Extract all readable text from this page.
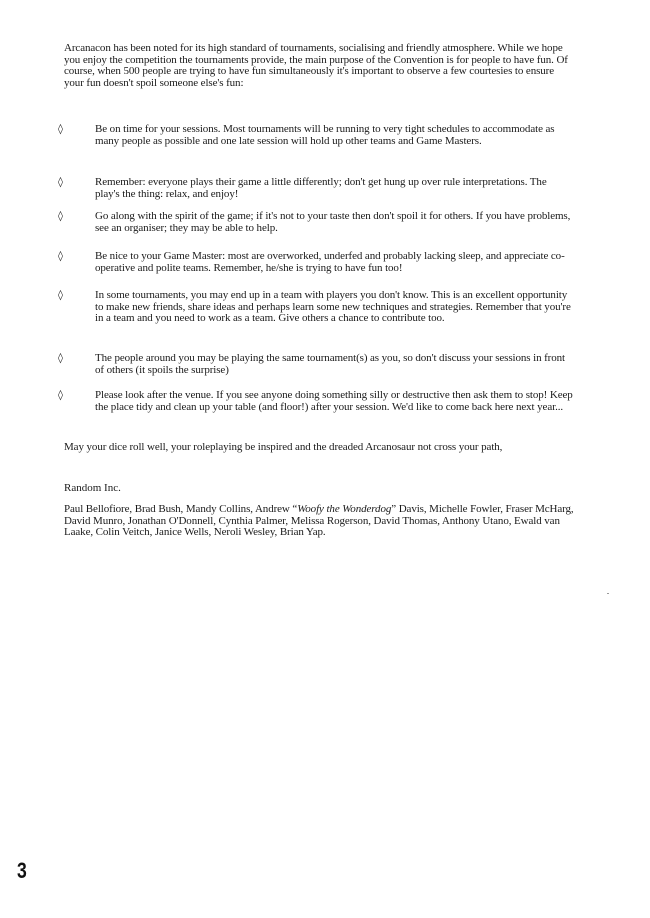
Arcanacon has been noted for its high standard of tournaments, socialising and friendly atmosphere. While we hope you enjoy the competition the tournaments provide, the main purpose of the Convention is for people to have fun. Of course, when 500 people are trying to have fun simultaneously it's important to observe a few courtesies to ensure your fun doesn't spoil someone else's fun:

◊	Be on time for your sessions. Most tournaments will be running to very tight schedules to accommodate as many people as possible and one late session will hold up other teams and Game Masters.
◊	Remember: everyone plays their game a little differently; don't get hung up over rule interpretations. The play's the thing: relax, and enjoy!
◊	Go along with the spirit of the game; if it's not to your taste then don't spoil it for others. If you have problems, see an organiser; they may be able to help.
◊	Be nice to your Game Master: most are overworked, underfed and probably lacking sleep, and appreciate co-operative and polite teams. Remember, he/she is trying to have fun too!
◊	In some tournaments, you may end up in a team with players you don't know. This is an excellent opportunity to make new friends, share ideas and perhaps learn some new techniques and strategies. Remember that you're in a team and you need to work as a team. Give others a chance to contribute too.
◊	The people around you may be playing the same tournament(s) as you, so don't discuss your sessions in front of others (it spoils the surprise)
◊	Please look after the venue. If you see anyone doing something silly or destructive then ask them to stop! Keep the place tidy and clean up your table (and floor!) after your session. We'd like to come back here next year...

May your dice roll well, your roleplaying be inspired and the dreaded Arcanosaur not cross your path,

Random Inc.

Paul Bellofiore, Brad Bush, Mandy Collins, Andrew “Woofy the Wonderdog” Davis, Michelle Fowler, Fraser McHarg, David Munro, Jonathan O'Donnell, Cynthia Palmer, Melissa Rogerson, David Thomas, Anthony Utano, Ewald van Laake, Colin Veitch, Janice Wells, Neroli Wesley, Brian Yap.

3
